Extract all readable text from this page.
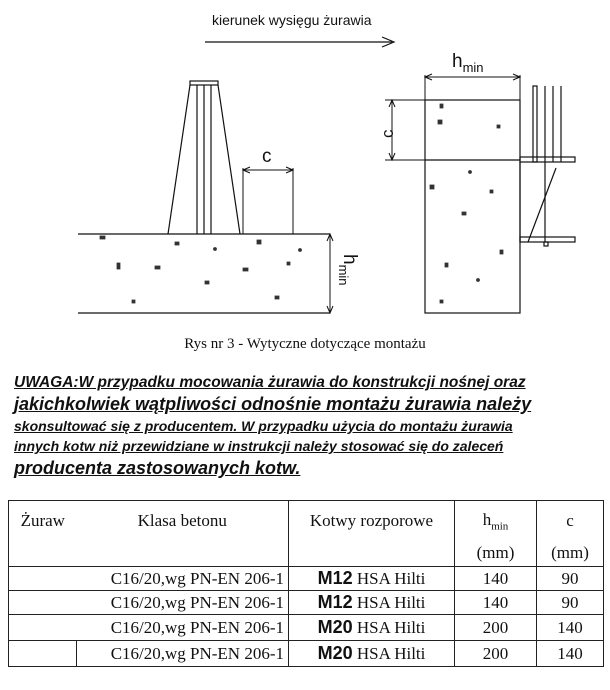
kierunek wysięgu żurawia
c
$h_{min}$
$h_{min}$
c
Rys nr 3 - Wytyczne dotyczące montażu
UWAGA:W przypadku mocowania żurawia do konstrukcji nośnej oraz
jakichkolwiek wątpliwości odnośnie montażu żurawia należy
skonsultować się z producentem. W przypadku użycia do montażu żurawia
innych kotw niż przewidziane w instrukcji należy stosować się do zaleceń
producenta zastosowanych kotw.
Żuraw	Klasa betonu	Kotwy rozporowe	$h_{min}$	c
			(mm)	(mm)
	C16/20,wg PN-EN 206-1	M12 HSA Hilti	140	90
	C16/20,wg PN-EN 206-1	M12 HSA Hilti	140	90
	C16/20,wg PN-EN 206-1	M20 HSA Hilti	200	140
	C16/20,wg PN-EN 206-1	M20 HSA Hilti	200	140
